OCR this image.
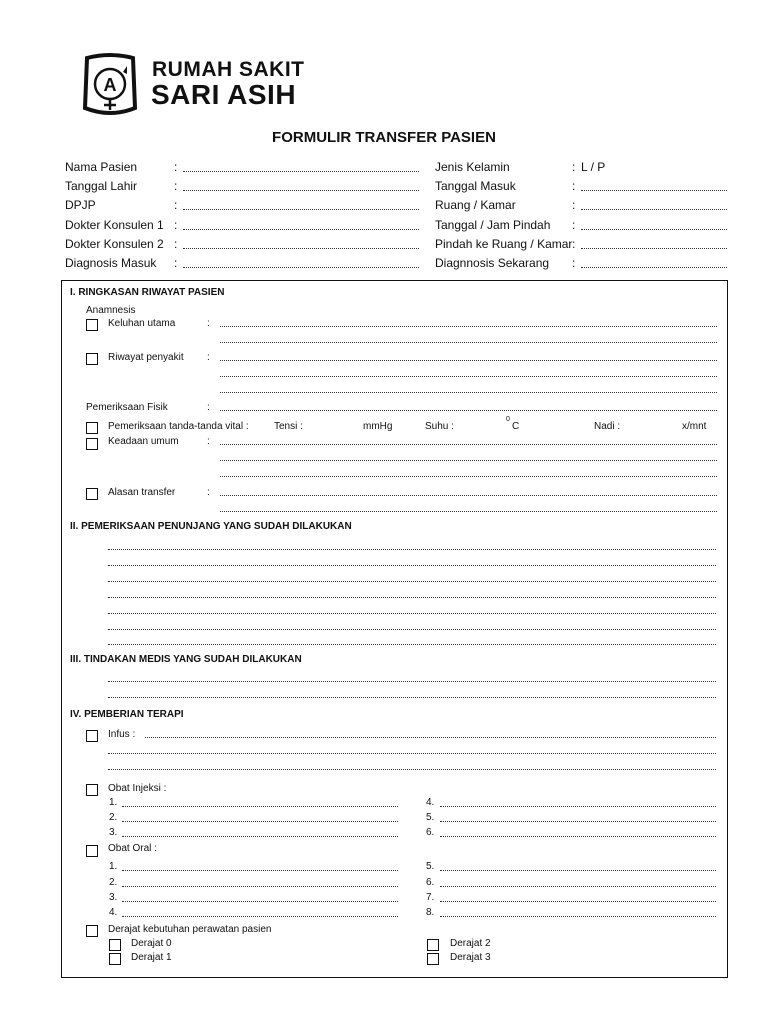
A
RUMAH SAKIT
SARI ASIH
FORMULIR TRANSFER PASIEN
Nama Pasien	:
Tanggal Lahir	:
DPJP	:
Dokter Konsulen 1 :
Dokter Konsulen 2 :
Diagnosis Masuk :
Jenis Kelamin	: L / P
Tanggal Masuk	:
Ruang / Kamar	:
Tanggal / Jam Pindah :
Pindah ke Ruang / Kamar :
Diagnnosis Sekarang :
I. RINGKASAN RIWAYAT PASIEN
Anamnesis
Keluhan utama	:
Riwayat penyakit :
Pemeriksaan Fisik	:
Pemeriksaan tanda-tanda vital :	Tensi :	mmHg	Suhu :
0
C	Nadi :	x/mnt
Keadaan umum	:
Alasan transfer	:
II. PEMERIKSAAN PENUNJANG YANG SUDAH DILAKUKAN
III. TINDAKAN MEDIS YANG SUDAH DILAKUKAN
IV. PEMBERIAN TERAPI
Infus :
Obat Injeksi :
1.	4.
2.	5.
3.	6.
Obat Oral :
1.	5.
2.	6.
3.	7.
4.	8.
Derajat kebutuhan perawatan pasien
Derajat 0
Derajat 1
Derajat 2
Derajat 3
